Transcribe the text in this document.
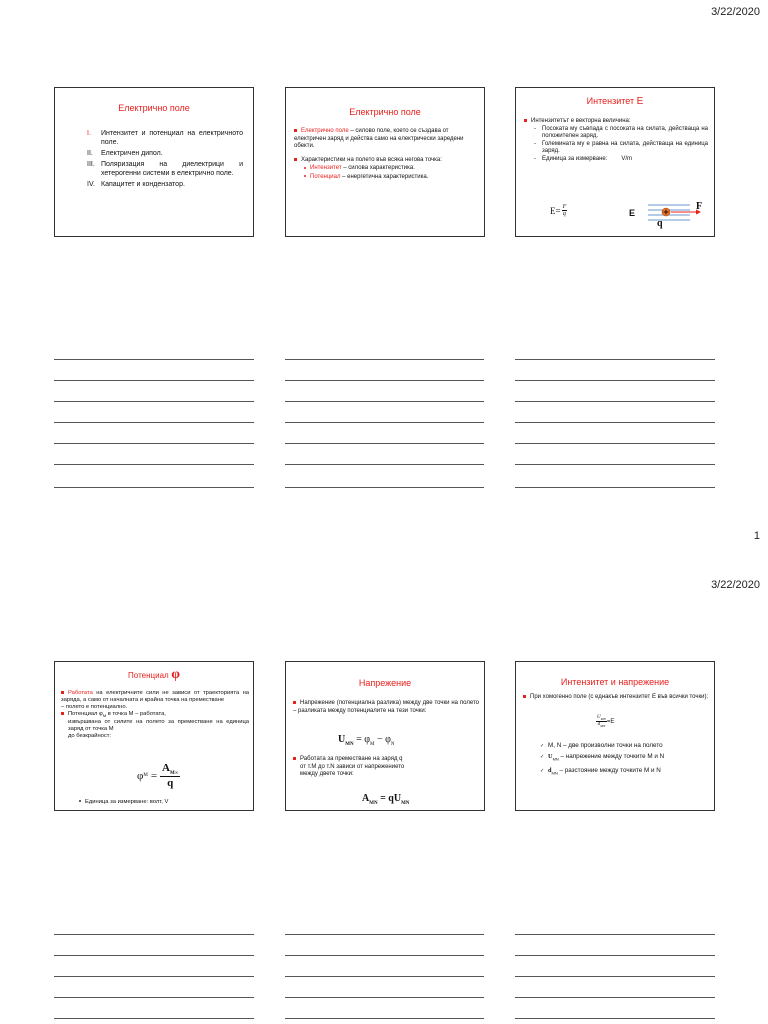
3/22/2020
Електрично поле
I.	Интензитет и потенциал на електричното поле.
II.	Електричен дипол.
III. Поляризация на диелектрици и хетерогенни системи в електрично поле.
IV. Капацитет и кондензатор.
Електрично поле
Електрично поле – силово поле, което се създава от електричен заряд и действа само на електрически заредени обекти.
Характеристики на полето във всяка негова точка:
Интензитет – силова характеристика.
Потенциал – енергетична характеристика.
Интензитет E
Интензитетът е векторна величина:
-	Посоката му съвпада с посоката на силата, действаща на положителен заряд.
-	Големината му е равна на силата, действаща на единица заряд.
-	Единица за измерване: V/m
$E= \frac{F}{q}$	E
F
q
1
3/22/2020
Потенциал φ
Работата на електричните сили не зависи от траекторията на заряда, а само от началната и крайна точка на преместване
– полето е потенциално.
Потенциал $\varphi_M$ в точка M – работата,
извършвана от силите на полето за преместване на единица заряд от точка M
до безкрайност:
φ $M = \frac{A_{M\infty}}{q}$
Единица за измерване: волт, V
Напрежение
Напрежение (потенциална разлика) между две точки на полето – разликата между потенциалите на тези точки:
$U_{MN} = \varphi_M - \varphi_N$
Работата за преместване на заряд q
от т.M до т.N зависи от напрежението
между двете точки:
$A_{MN} = qU_{MN}$
Интензитет и напрежение
При хомогенно поле (с еднакъв интензитет E във всички точки):
$U_{MN}$
$d_{MN}$
=E
✓ M, N – две произволни точки на полето
✓ $U_{MN}$ – напрежение между точките M и N
✓ $d_{MN}$ – разстояние между точките M и N
